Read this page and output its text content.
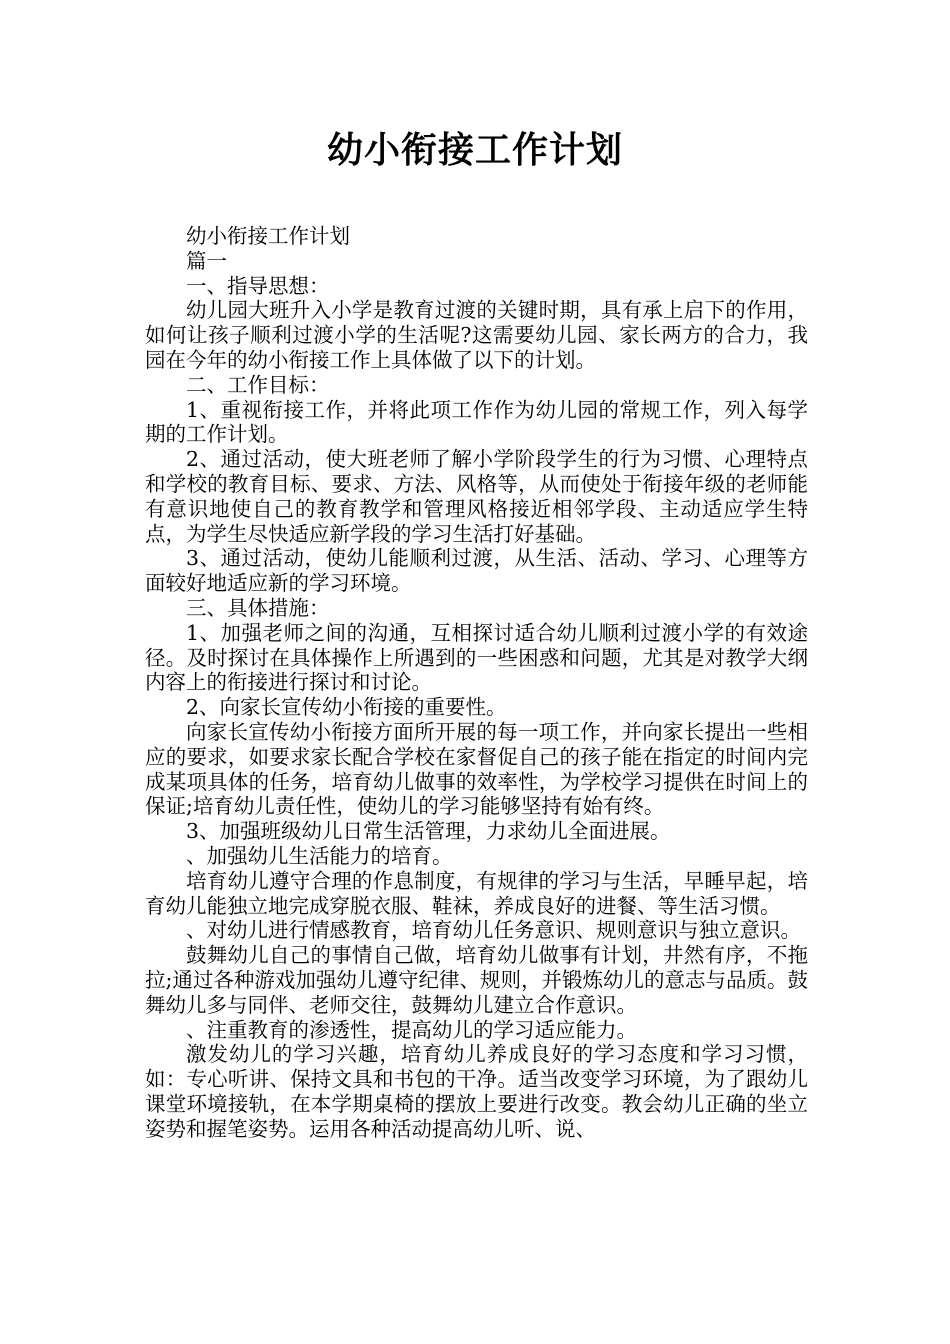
幼小衔接工作计划

幼小衔接工作计划

篇一

一、指导思想：

幼儿园大班升入小学是教育过渡的关键时期，具有承上启下的作用，如何让孩子顺利过渡小学的生活呢?这需要幼儿园、家长两方的合力，我园在今年的幼小衔接工作上具体做了以下的计划。

二、工作目标：

1、重视衔接工作，并将此项工作作为幼儿园的常规工作，列入每学期的工作计划。

2、通过活动，使大班老师了解小学阶段学生的行为习惯、心理特点和学校的教育目标、要求、方法、风格等，从而使处于衔接年级的老师能有意识地使自己的教育教学和管理风格接近相邻学段、主动适应学生特点，为学生尽快适应新学段的学习生活打好基础。

3、通过活动，使幼儿能顺利过渡，从生活、活动、学习、心理等方面较好地适应新的学习环境。

三、具体措施：

1、加强老师之间的沟通，互相探讨适合幼儿顺利过渡小学的有效途径。及时探讨在具体操作上所遇到的一些困惑和问题，尤其是对教学大纲内容上的衔接进行探讨和讨论。

2、向家长宣传幼小衔接的重要性。

向家长宣传幼小衔接方面所开展的每一项工作，并向家长提出一些相应的要求，如要求家长配合学校在家督促自己的孩子能在指定的时间内完成某项具体的任务，培育幼儿做事的效率性，为学校学习提供在时间上的保证;培育幼儿责任性，使幼儿的学习能够坚持有始有终。

3、加强班级幼儿日常生活管理，力求幼儿全面进展。

、加强幼儿生活能力的培育。

培育幼儿遵守合理的作息制度，有规律的学习与生活，早睡早起，培育幼儿能独立地完成穿脱衣服、鞋袜，养成良好的进餐、等生活习惯。

、对幼儿进行情感教育，培育幼儿任务意识、规则意识与独立意识。

鼓舞幼儿自己的事情自己做，培育幼儿做事有计划，井然有序，不拖拉;通过各种游戏加强幼儿遵守纪律、规则，并锻炼幼儿的意志与品质。鼓舞幼儿多与同伴、老师交往，鼓舞幼儿建立合作意识。

、注重教育的渗透性，提高幼儿的学习适应能力。

激发幼儿的学习兴趣，培育幼儿养成良好的学习态度和学习习惯，如：专心听讲、保持文具和书包的干净。适当改变学习环境，为了跟幼儿课堂环境接轨，在本学期桌椅的摆放上要进行改变。教会幼儿正确的坐立姿势和握笔姿势。运用各种活动提高幼儿听、说、
